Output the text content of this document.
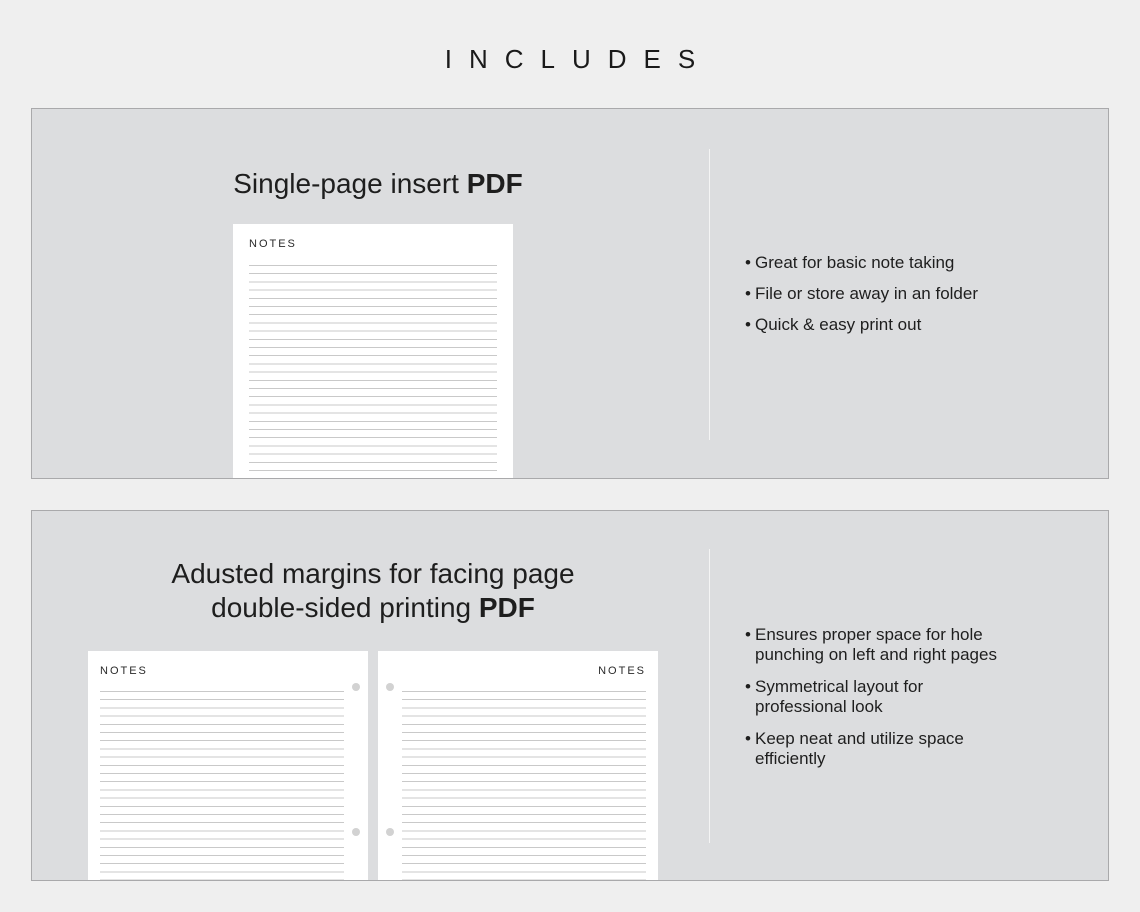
INCLUDES
Single-page insert PDF
NOTES
• Great for basic note taking
• File or store away in an folder
• Quick & easy print out
Adusted margins for facing page
double-sided printing PDF
NOTES	NOTES
• Ensures proper space for hole
punching on left and right pages
• Symmetrical layout for
professional look
• Keep neat and utilize space
efficiently
